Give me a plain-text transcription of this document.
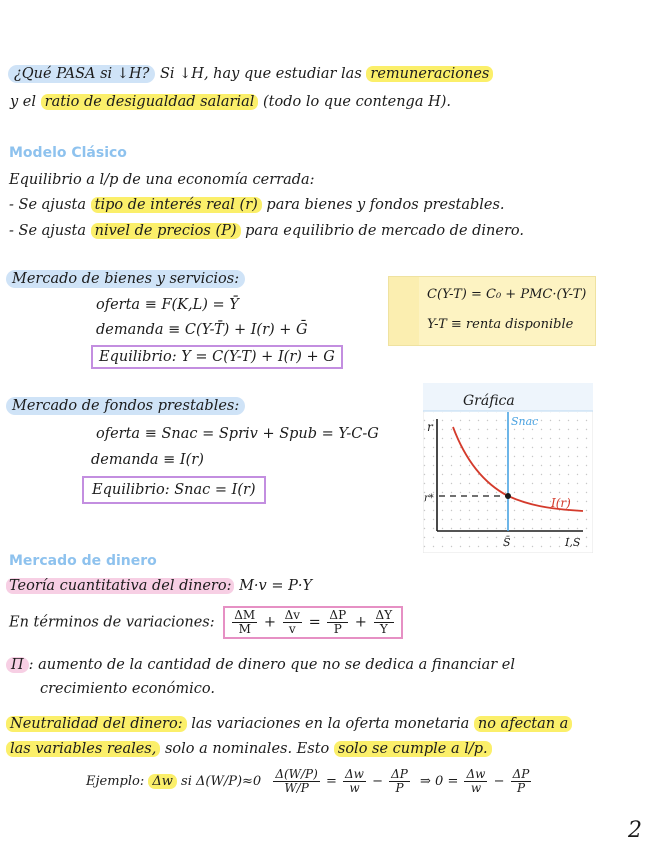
¿Qué PASA si ↓H? Si ↓H, hay que estudiar las remuneraciones
y el ratio de desigualdad salarial (todo lo que contenga H).
Modelo Clásico
Equilibrio a l/p de una economía cerrada:
- Se ajusta tipo de interés real (r) para bienes y fondos prestables.
- Se ajusta nivel de precios (P) para equilibrio de mercado de dinero.
Mercado de bienes y servicios:
oferta ≡ F(K,L) = Ȳ
demanda ≡ C(Y-T̄) + I(r) + Ḡ
Equilibrio: Y = C(Y-T) + I(r) + G
C(Y-T) = C₀ + PMC·(Y-T)
Y-T ≡ renta disponible
Mercado de fondos prestables:
oferta ≡ Snac = Spriv + Spub = Y-C-G
demanda ≡ I(r)
Equilibrio: Snac = I(r)
Gráfica
r
r*
S̄	I,S
Snac
I(r)
Mercado de dinero
Teoría cuantitativa del dinero: M·v = P·Y
En términos de variaciones: $\frac{\Delta M}{M} + \frac{\Delta v}{v} = \frac{\Delta P}{P} + \frac{\Delta Y}{Y}$
Π : aumento de la cantidad de dinero que no se dedica a financiar el
crecimiento económico.
Neutralidad del dinero: las variaciones en la oferta monetaria no afectan a
las variables reales, solo a nominales. Esto solo se cumple a l/p.
Ejemplo: Δw si $\Delta(W/P)\approx 0 \frac{\Delta(W/P)}{W/P} = \frac{\Delta w}{w} - \frac{\Delta P}{P}$ ⇒ $0 = \frac{\Delta w}{w} - \frac{\Delta P}{P}$
2
